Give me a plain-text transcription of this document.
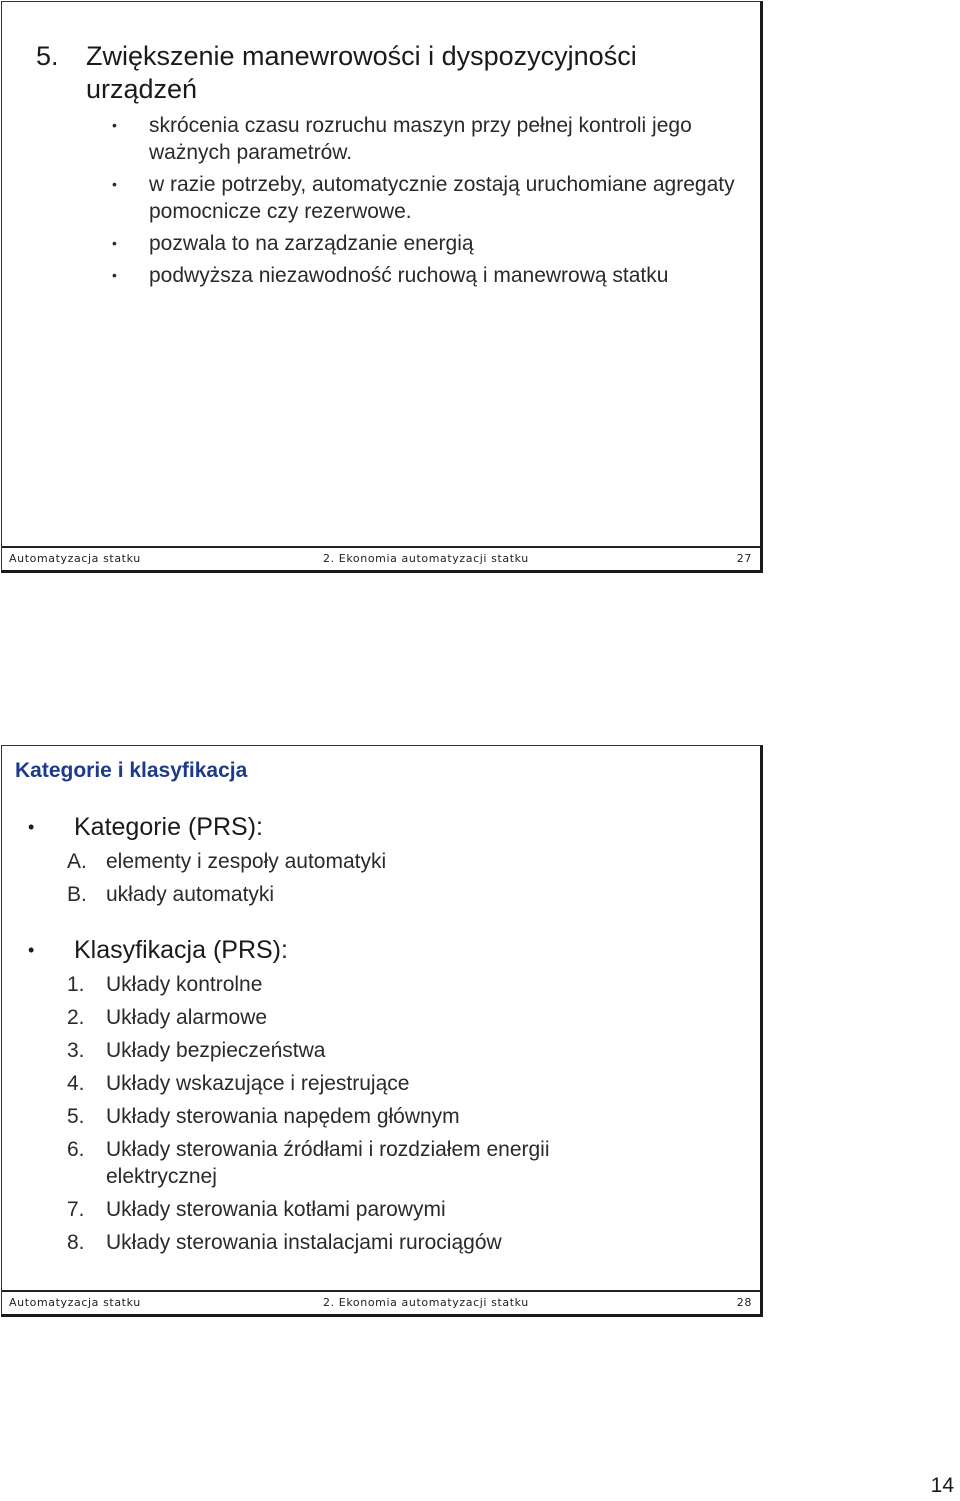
Automatyzacja statku	2. Ekonomia automatyzacji statku	27
5. Zwiększenie manewrowości i dyspozycyjności
urządzeń
• skrócenia czasu rozruchu maszyn przy pełnej kontroli jego ważnych parametrów.
• w razie potrzeby, automatycznie zostają uruchomiane agregaty pomocnicze czy rezerwowe.
• pozwala to na zarządzanie energią
• podwyższa niezawodność ruchową i manewrową statku
Automatyzacja statku	2. Ekonomia automatyzacji statku	28
Kategorie i klasyfikacja
• Kategorie (PRS):
A. elementy i zespoły automatyki
B. układy automatyki
• Klasyfikacja (PRS):
1. Układy kontrolne
2. Układy alarmowe
3. Układy bezpieczeństwa
4. Układy wskazujące i rejestrujące
5. Układy sterowania napędem głównym
6. Układy sterowania źródłami i rozdziałem energii elektrycznej
7. Układy sterowania kotłami parowymi
8. Układy sterowania instalacjami rurociągów
14
